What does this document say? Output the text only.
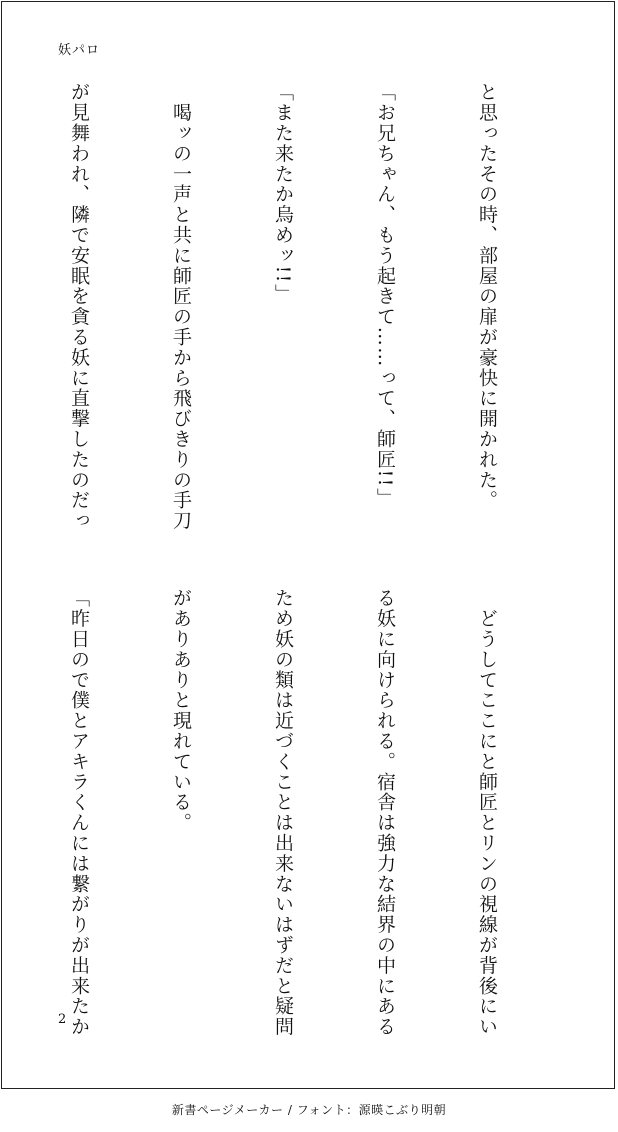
妖パロ

と思ったその時、部屋の扉が豪快に開かれた。

「お兄ちゃん、もう起きて……って、師匠!!」

「また来たか烏めッ!!」

　喝ッの一声と共に師匠の手から飛びきりの手刀

が見舞われ、隣で安眠を貪る妖に直撃したのだっ

　どうしてここにと師匠とリンの視線が背後にい

る妖に向けられる。宿舎は強力な結界の中にある

ため妖の類は近づくことは出来ないはずだと疑問

がありありと現れている。

「昨日ので僕とアキラくんには繋がりが出来たか

2
新書ページメーカー / フォント：源暎こぶり明朝
